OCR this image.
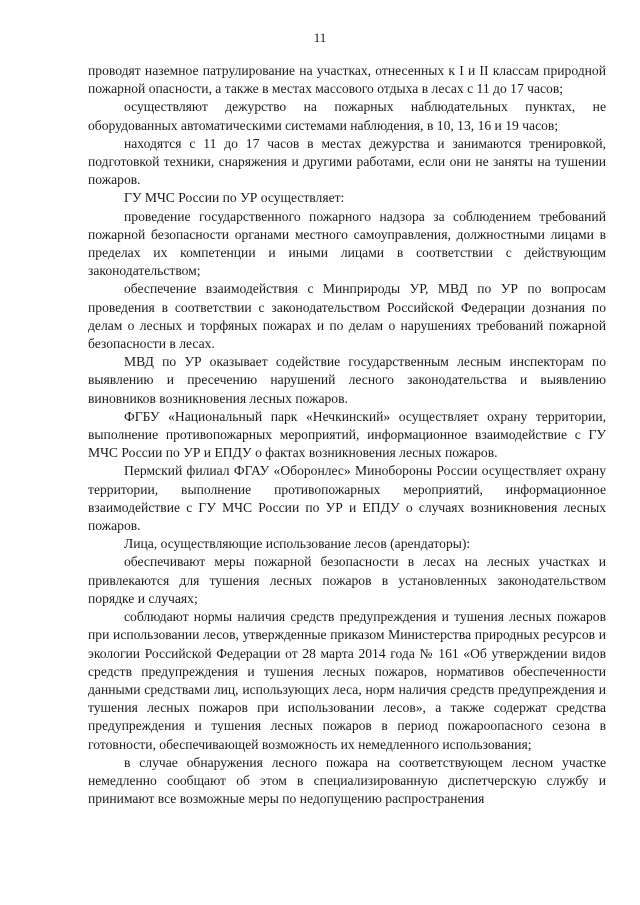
11

проводят наземное патрулирование на участках, отнесенных к I и II классам природной пожарной опасности, а также в местах массового отдыха в лесах с 11 до 17 часов;

осуществляют дежурство на пожарных наблюдательных пунктах, не оборудованных автоматическими системами наблюдения, в 10, 13, 16 и 19 часов;

находятся с 11 до 17 часов в местах дежурства и занимаются тренировкой, подготовкой техники, снаряжения и другими работами, если они не заняты на тушении пожаров.

ГУ МЧС России по УР осуществляет:

проведение государственного пожарного надзора за соблюдением требований пожарной безопасности органами местного самоуправления, должностными лицами в пределах их компетенции и иными лицами в соответствии с действующим законодательством;

обеспечение взаимодействия с Минприроды УР, МВД по УР по вопросам проведения в соответствии с законодательством Российской Федерации дознания по делам о лесных и торфяных пожарах и по делам о нарушениях требований пожарной безопасности в лесах.

МВД по УР оказывает содействие государственным лесным инспекторам по выявлению и пресечению нарушений лесного законодательства и выявлению виновников возникновения лесных пожаров.

ФГБУ «Национальный парк «Нечкинский» осуществляет охрану территории, выполнение противопожарных мероприятий, информационное взаимодействие с ГУ МЧС России по УР и ЕПДУ о фактах возникновения лесных пожаров.

Пермский филиал ФГАУ «Оборонлес» Минобороны России осуществляет охрану территории, выполнение противопожарных мероприятий, информационное взаимодействие с ГУ МЧС России по УР и ЕПДУ о случаях возникновения лесных пожаров.

Лица, осуществляющие использование лесов (арендаторы):

обеспечивают меры пожарной безопасности в лесах на лесных участках и привлекаются для тушения лесных пожаров в установленных законодательством порядке и случаях;

соблюдают нормы наличия средств предупреждения и тушения лесных пожаров при использовании лесов, утвержденные приказом Министерства природных ресурсов и экологии Российской Федерации от 28 марта 2014 года № 161 «Об утверждении видов средств предупреждения и тушения лесных пожаров, нормативов обеспеченности данными средствами лиц, использующих леса, норм наличия средств предупреждения и тушения лесных пожаров при использовании лесов», а также содержат средства предупреждения и тушения лесных пожаров в период пожароопасного сезона в готовности, обеспечивающей возможность их немедленного использования;

в случае обнаружения лесного пожара на соответствующем лесном участке немедленно сообщают об этом в специализированную диспетчерскую службу и принимают все возможные меры по недопущению распространения
